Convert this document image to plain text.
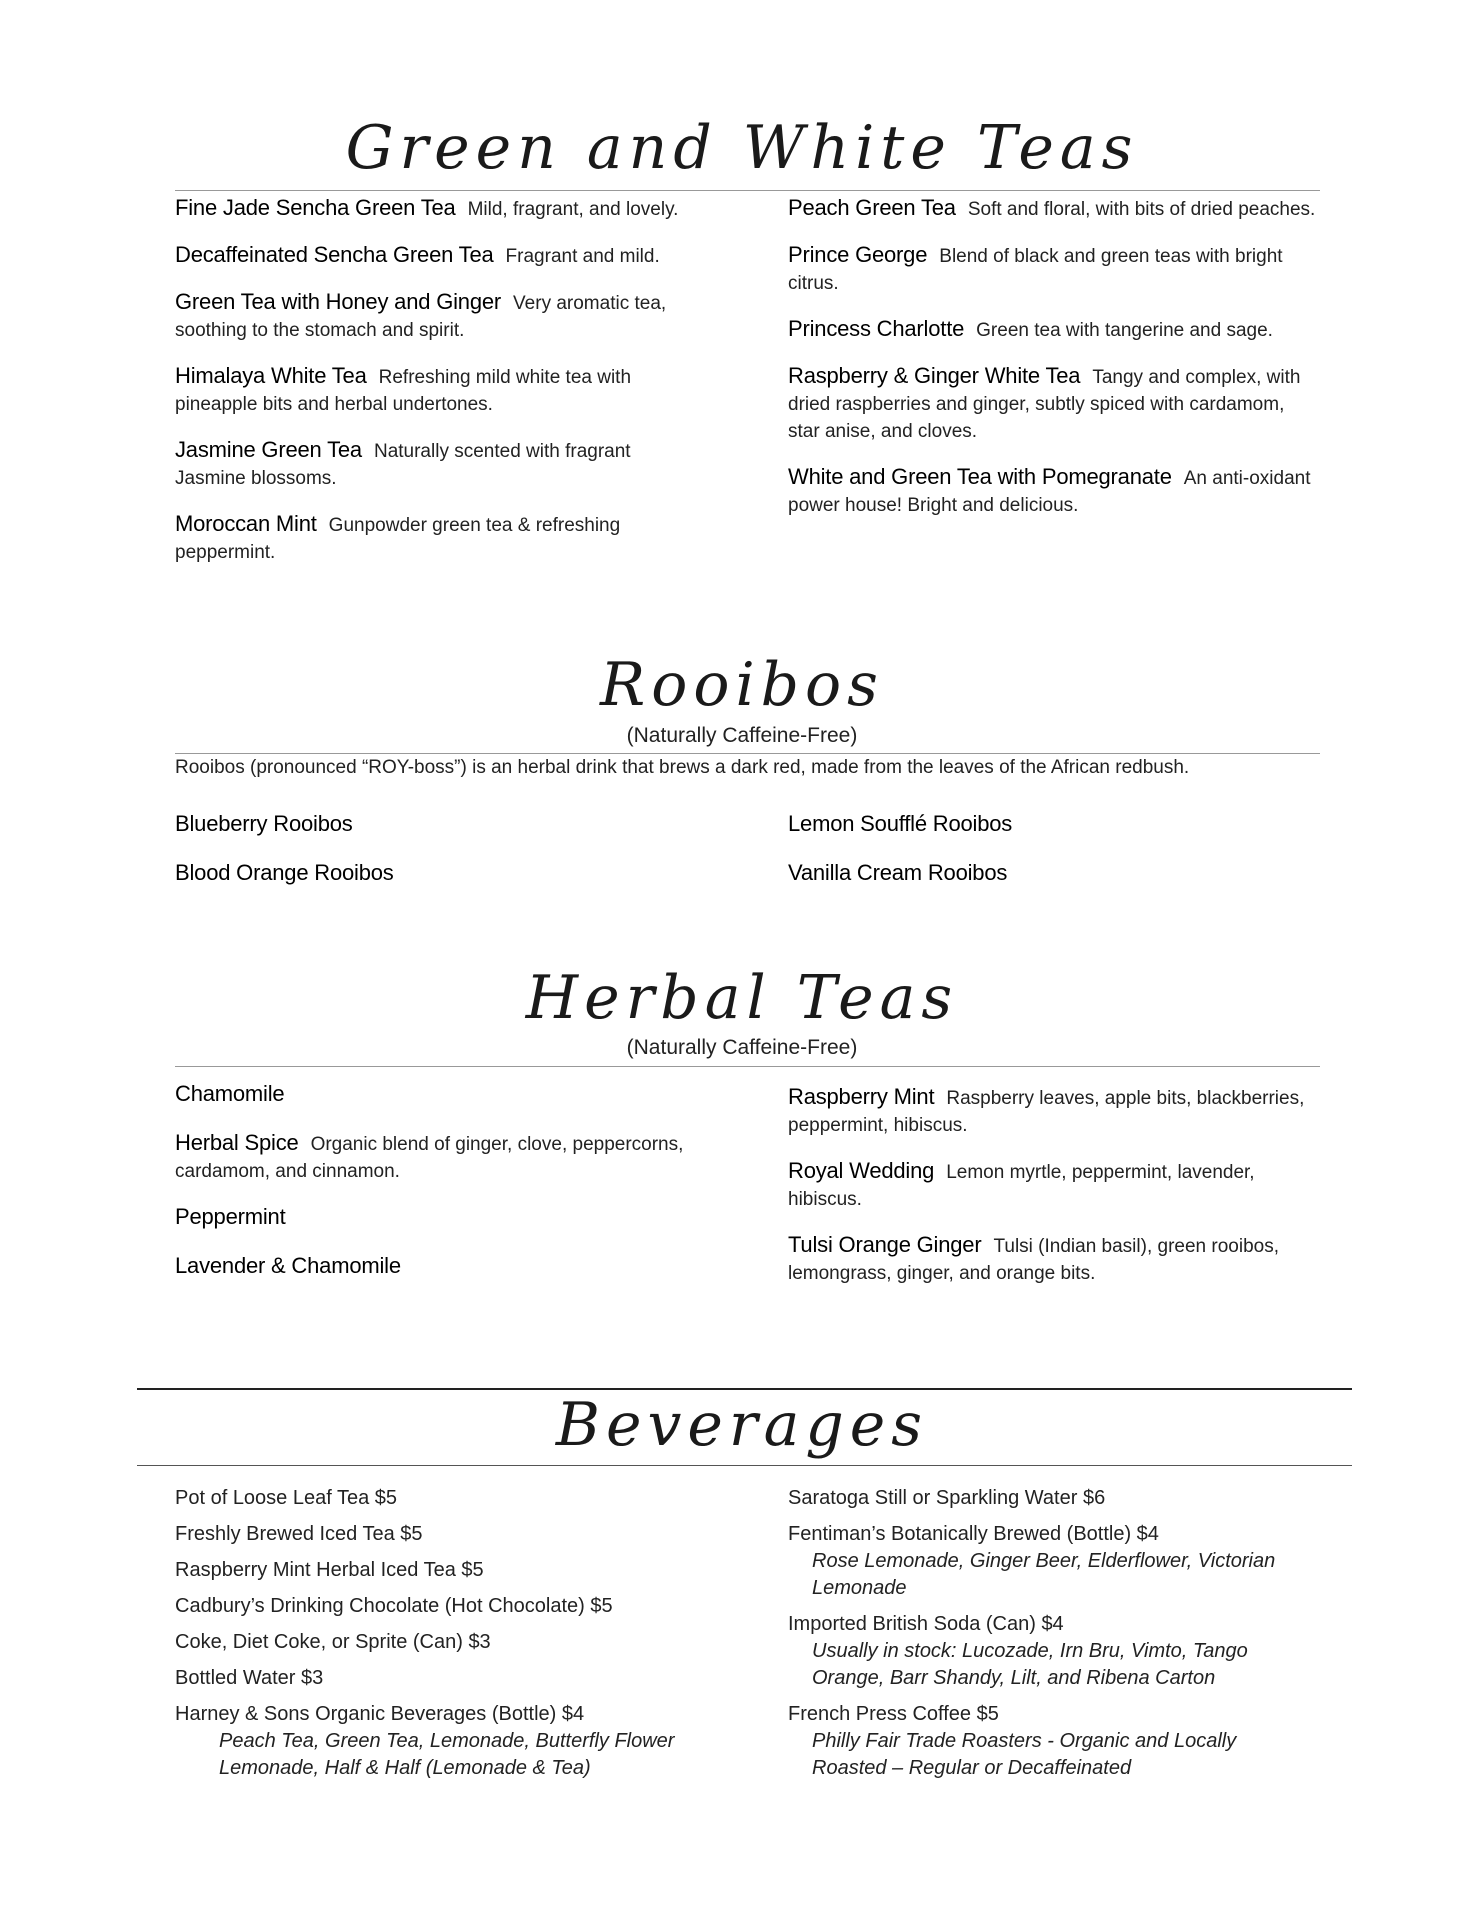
Green and White Teas
Fine Jade Sencha Green Tea Mild, fragrant, and lovely.
Decaffeinated Sencha Green Tea Fragrant and mild.
Green Tea with Honey and Ginger Very aromatic tea, soothing to the stomach and spirit.
Himalaya White Tea Refreshing mild white tea with pineapple bits and herbal undertones.
Jasmine Green Tea Naturally scented with fragrant Jasmine blossoms.
Moroccan Mint Gunpowder green tea & refreshing peppermint.
Peach Green Tea Soft and floral, with bits of dried peaches.
Prince George Blend of black and green teas with bright citrus.
Princess Charlotte Green tea with tangerine and sage.
Raspberry & Ginger White Tea Tangy and complex, with dried raspberries and ginger, subtly spiced with cardamom, star anise, and cloves.
White and Green Tea with Pomegranate An anti-oxidant power house! Bright and delicious.
Rooibos
(Naturally Caffeine-Free)
Rooibos (pronounced “ROY-boss”) is an herbal drink that brews a dark red, made from the leaves of the African redbush.
Blueberry Rooibos
Blood Orange Rooibos
Lemon Soufflé Rooibos
Vanilla Cream Rooibos
Herbal Teas
(Naturally Caffeine-Free)
Chamomile
Herbal Spice Organic blend of ginger, clove, peppercorns, cardamom, and cinnamon.
Peppermint
Lavender & Chamomile
Raspberry Mint Raspberry leaves, apple bits, blackberries, peppermint, hibiscus.
Royal Wedding Lemon myrtle, peppermint, lavender, hibiscus.
Tulsi Orange Ginger Tulsi (Indian basil), green rooibos, lemongrass, ginger, and orange bits.
Beverages
Pot of Loose Leaf Tea $5
Freshly Brewed Iced Tea $5
Raspberry Mint Herbal Iced Tea $5
Cadbury’s Drinking Chocolate (Hot Chocolate) $5
Coke, Diet Coke, or Sprite (Can) $3
Bottled Water $3
Harney & Sons Organic Beverages (Bottle) $4
Peach Tea, Green Tea, Lemonade, Butterfly Flower Lemonade, Half & Half (Lemonade & Tea)
Saratoga Still or Sparkling Water $6
Fentiman’s Botanically Brewed (Bottle) $4
Rose Lemonade, Ginger Beer, Elderflower, Victorian Lemonade
Imported British Soda (Can) $4
Usually in stock: Lucozade, Irn Bru, Vimto, Tango Orange, Barr Shandy, Lilt, and Ribena Carton
French Press Coffee $5
Philly Fair Trade Roasters - Organic and Locally Roasted – Regular or Decaffeinated
